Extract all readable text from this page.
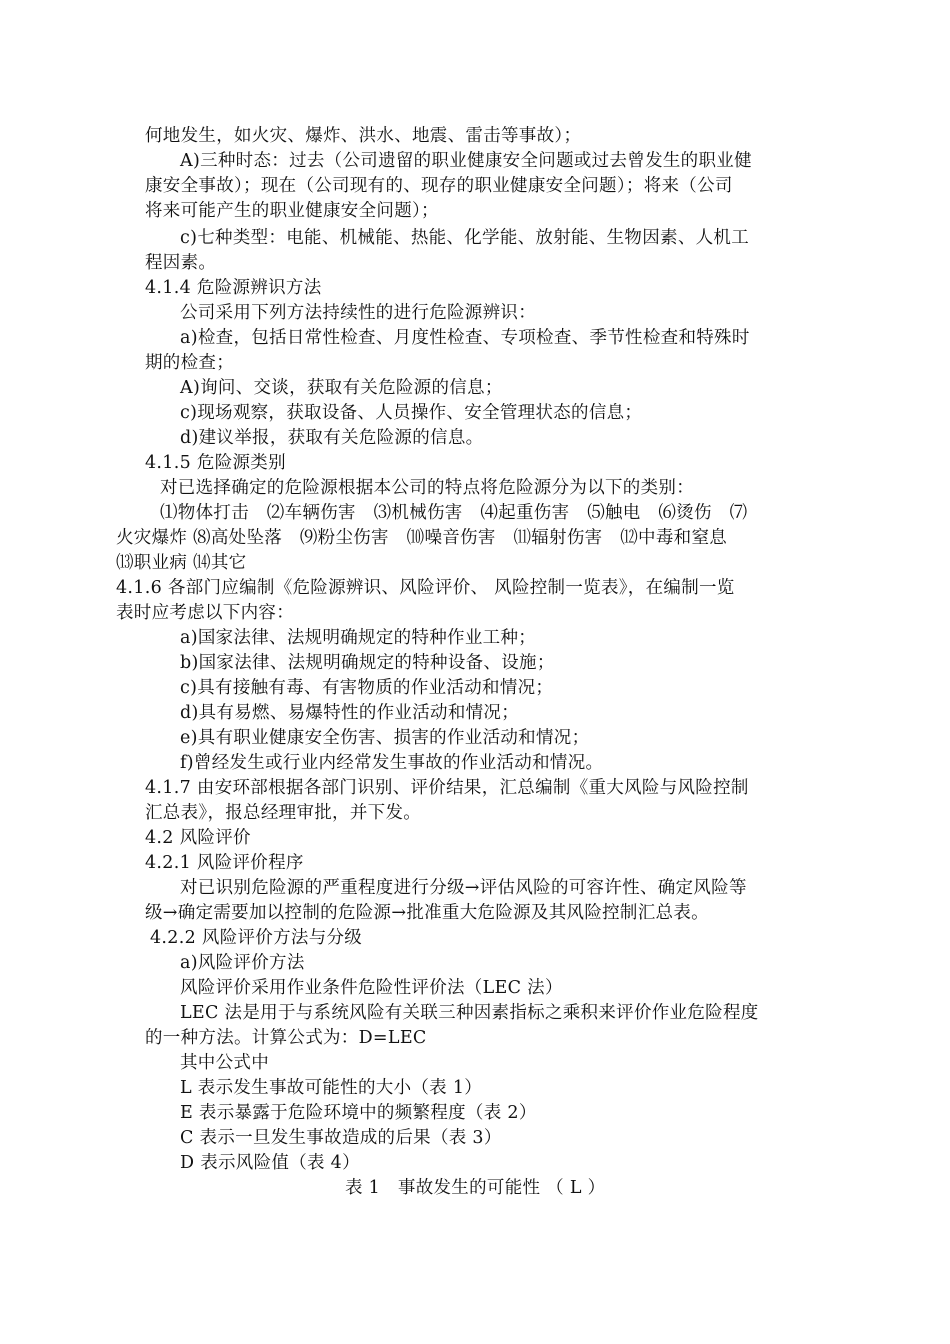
何地发生，如火灾、爆炸、洪水、地震、雷击等事故）；
A)三种时态：过去（公司遗留的职业健康安全问题或过去曾发生的职业健
康安全事故）；现在（公司现有的、现存的职业健康安全问题）；将来（公司
将来可能产生的职业健康安全问题）；
c)七种类型：电能、机械能、热能、化学能、放射能、生物因素、人机工
程因素。
4.1.4 危险源辨识方法
公司采用下列方法持续性的进行危险源辨识：
a)检查，包括日常性检查、月度性检查、专项检查、季节性检查和特殊时
期的检查；
A)询问、交谈，获取有关危险源的信息；
c)现场观察，获取设备、人员操作、安全管理状态的信息；
d)建议举报，获取有关危险源的信息。
4.1.5 危险源类别
对已选择确定的危险源根据本公司的特点将危险源分为以下的类别：
⑴物体打击　⑵车辆伤害　⑶机械伤害　⑷起重伤害　⑸触电　⑹烫伤　⑺
火灾爆炸 ⑻高处坠落　⑼粉尘伤害　⑽噪音伤害　⑾辐射伤害　⑿中毒和窒息
⒀职业病 ⒁其它
4.1.6 各部门应编制《危险源辨识、风险评价、 风险控制一览表》，在编制一览
表时应考虑以下内容：
a)国家法律、法规明确规定的特种作业工种；
b)国家法律、法规明确规定的特种设备、设施；
c)具有接触有毒、有害物质的作业活动和情况；
d)具有易燃、易爆特性的作业活动和情况；
e)具有职业健康安全伤害、损害的作业活动和情况；
f)曾经发生或行业内经常发生事故的作业活动和情况。
4.1.7 由安环部根据各部门识别、评价结果，汇总编制《重大风险与风险控制
汇总表》，报总经理审批，并下发。
4.2 风险评价
4.2.1 风险评价程序
对已识别危险源的严重程度进行分级→评估风险的可容许性、确定风险等
级→确定需要加以控制的危险源→批准重大危险源及其风险控制汇总表。
4.2.2 风险评价方法与分级
a)风险评价方法
风险评价采用作业条件危险性评价法（LEC 法）
LEC 法是用于与系统风险有关联三种因素指标之乘积来评价作业危险程度
的一种方法。计算公式为：D=LEC
其中公式中
L 表示发生事故可能性的大小（表 1）
E 表示暴露于危险环境中的频繁程度（表 2）
C 表示一旦发生事故造成的后果（表 3）
D 表示风险值（表 4）
表 1　事故发生的可能性 （ L ）
